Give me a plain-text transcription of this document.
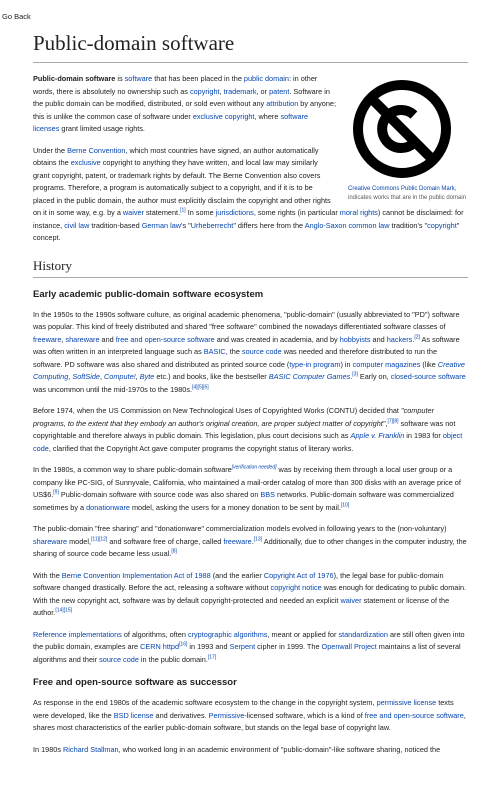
Go Back
Public-domain software
Creative Commons Public Domain Mark, indicates works that are in the public domain

Public-domain software is software that has been placed in the public domain: in other words, there is absolutely no ownership such as copyright, trademark, or patent. Software in the public domain can be modified, distributed, or sold even without any attribution by anyone; this is unlike the common case of software under exclusive copyright, where software licenses grant limited usage rights.

Under the Berne Convention, which most countries have signed, an author automatically obtains the exclusive copyright to anything they have written, and local law may similarly grant copyright, patent, or trademark rights by default. The Berne Convention also covers programs. Therefore, a program is automatically subject to a copyright, and if it is to be placed in the public domain, the author must explicitly disclaim the copyright and other rights on it in some way, e.g. by a waiver statement.[1] In some jurisdictions, some rights (in particular moral rights) cannot be disclaimed: for instance, civil law tradition-based German law's "Urheberrecht" differs here from the Anglo-Saxon common law tradition's "copyright" concept.

History
Early academic public-domain software ecosystem

In the 1950s to the 1990s software culture, as original academic phenomena, "public-domain" (usually abbreviated to "PD") software was popular. This kind of freely distributed and shared "free software" combined the nowadays differentiated software classes of freeware, shareware and free and open-source software and was created in academia, and by hobbyists and hackers.[2] As software was often written in an interpreted language such as BASIC, the source code was needed and therefore distributed to run the software. PD software was also shared and distributed as printed source code (type-in program) in computer magazines (like Creative Computing, SoftSide, Compute!, Byte etc.) and books, like the bestseller BASIC Computer Games.[3] Early on, closed-source software was uncommon until the mid-1970s to the 1980s.[4][5][6]

Before 1974, when the US Commission on New Technological Uses of Copyrighted Works (CONTU) decided that "computer programs, to the extent that they embody an author's original creation, are proper subject matter of copyright",[7][8] software was not copyrightable and therefore always in public domain. This legislation, plus court decisions such as Apple v. Franklin in 1983 for object code, clarified that the Copyright Act gave computer programs the copyright status of literary works.

In the 1980s, a common way to share public-domain software[verification needed] was by receiving them through a local user group or a company like PC-SIG, of Sunnyvale, California, who maintained a mail-order catalog of more than 300 disks with an average price of US$6.[9] Public-domain software with source code was also shared on BBS networks. Public-domain software was commercialized sometimes by a donationware model, asking the users for a money donation to be sent by mail.[10]

The public-domain "free sharing" and "donationware" commercialization models evolved in following years to the (non-voluntary) shareware model,[11][12] and software free of charge, called freeware.[13] Additionally, due to other changes in the computer industry, the sharing of source code became less usual.[8]

With the Berne Convention Implementation Act of 1988 (and the earlier Copyright Act of 1976), the legal base for public-domain software changed drastically. Before the act, releasing a software without copyright notice was enough for dedicating to public domain. With the new copyright act, software was by default copyright-protected and needed an explicit waiver statement or license of the author.[14][15]

Reference implementations of algorithms, often cryptographic algorithms, meant or applied for standardization are still often given into the public domain, examples are CERN httpd[16] in 1993 and Serpent cipher in 1999. The Openwall Project maintains a list of several algorithms and their source code in the public domain.[17]

Free and open-source software as successor

As response in the end 1980s of the academic software ecosystem to the change in the copyright system, permissive license texts were developed, like the BSD license and derivatives. Permissive-licensed software, which is a kind of free and open-source software, shares most characteristics of the earlier public-domain software, but stands on the legal base of copyright law.

In 1980s Richard Stallman, who worked long in an academic environment of "public-domain"-like software sharing, noticed the
